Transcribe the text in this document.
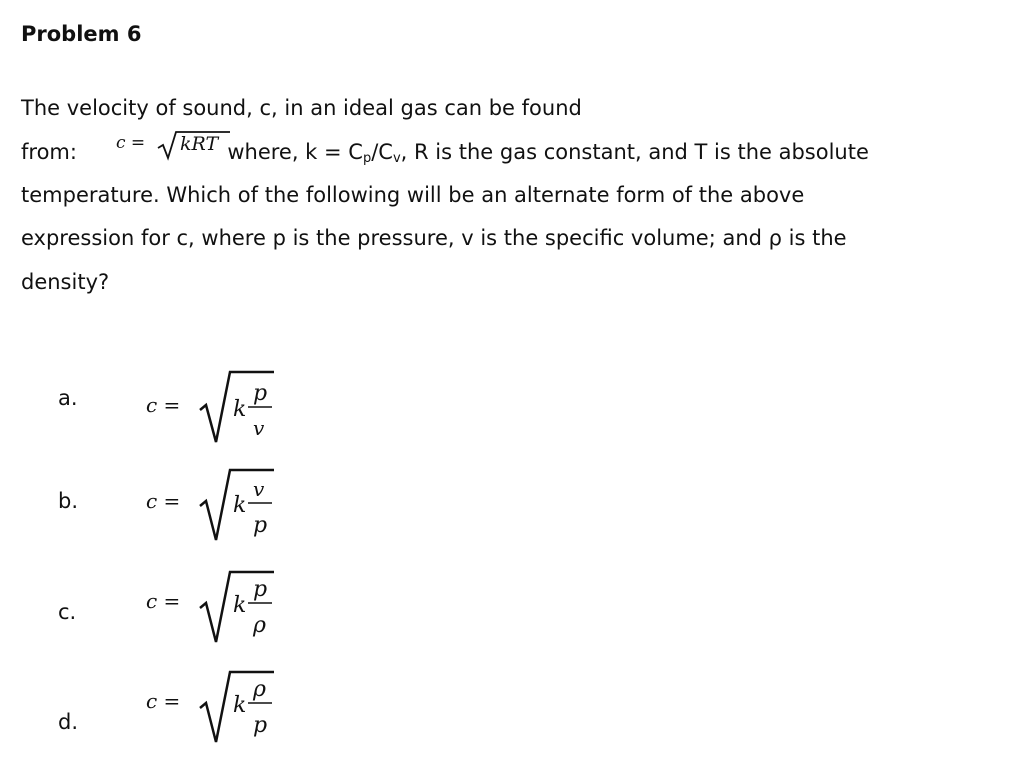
Problem 6
The velocity of sound, c, in an ideal gas can be found
from:	where, $k = C_p/C_v$, R is the gas constant, and T is the absolute
c = kRT
temperature. Which of the following will be an alternate form of the above
expression for c, where p is the pressure, v is the specific volume; and ρ is the
density?
a.	c = k
p
v
b.	c = k
v
p
c.	c = k
p
ρ
d.
c = k
ρ
p
